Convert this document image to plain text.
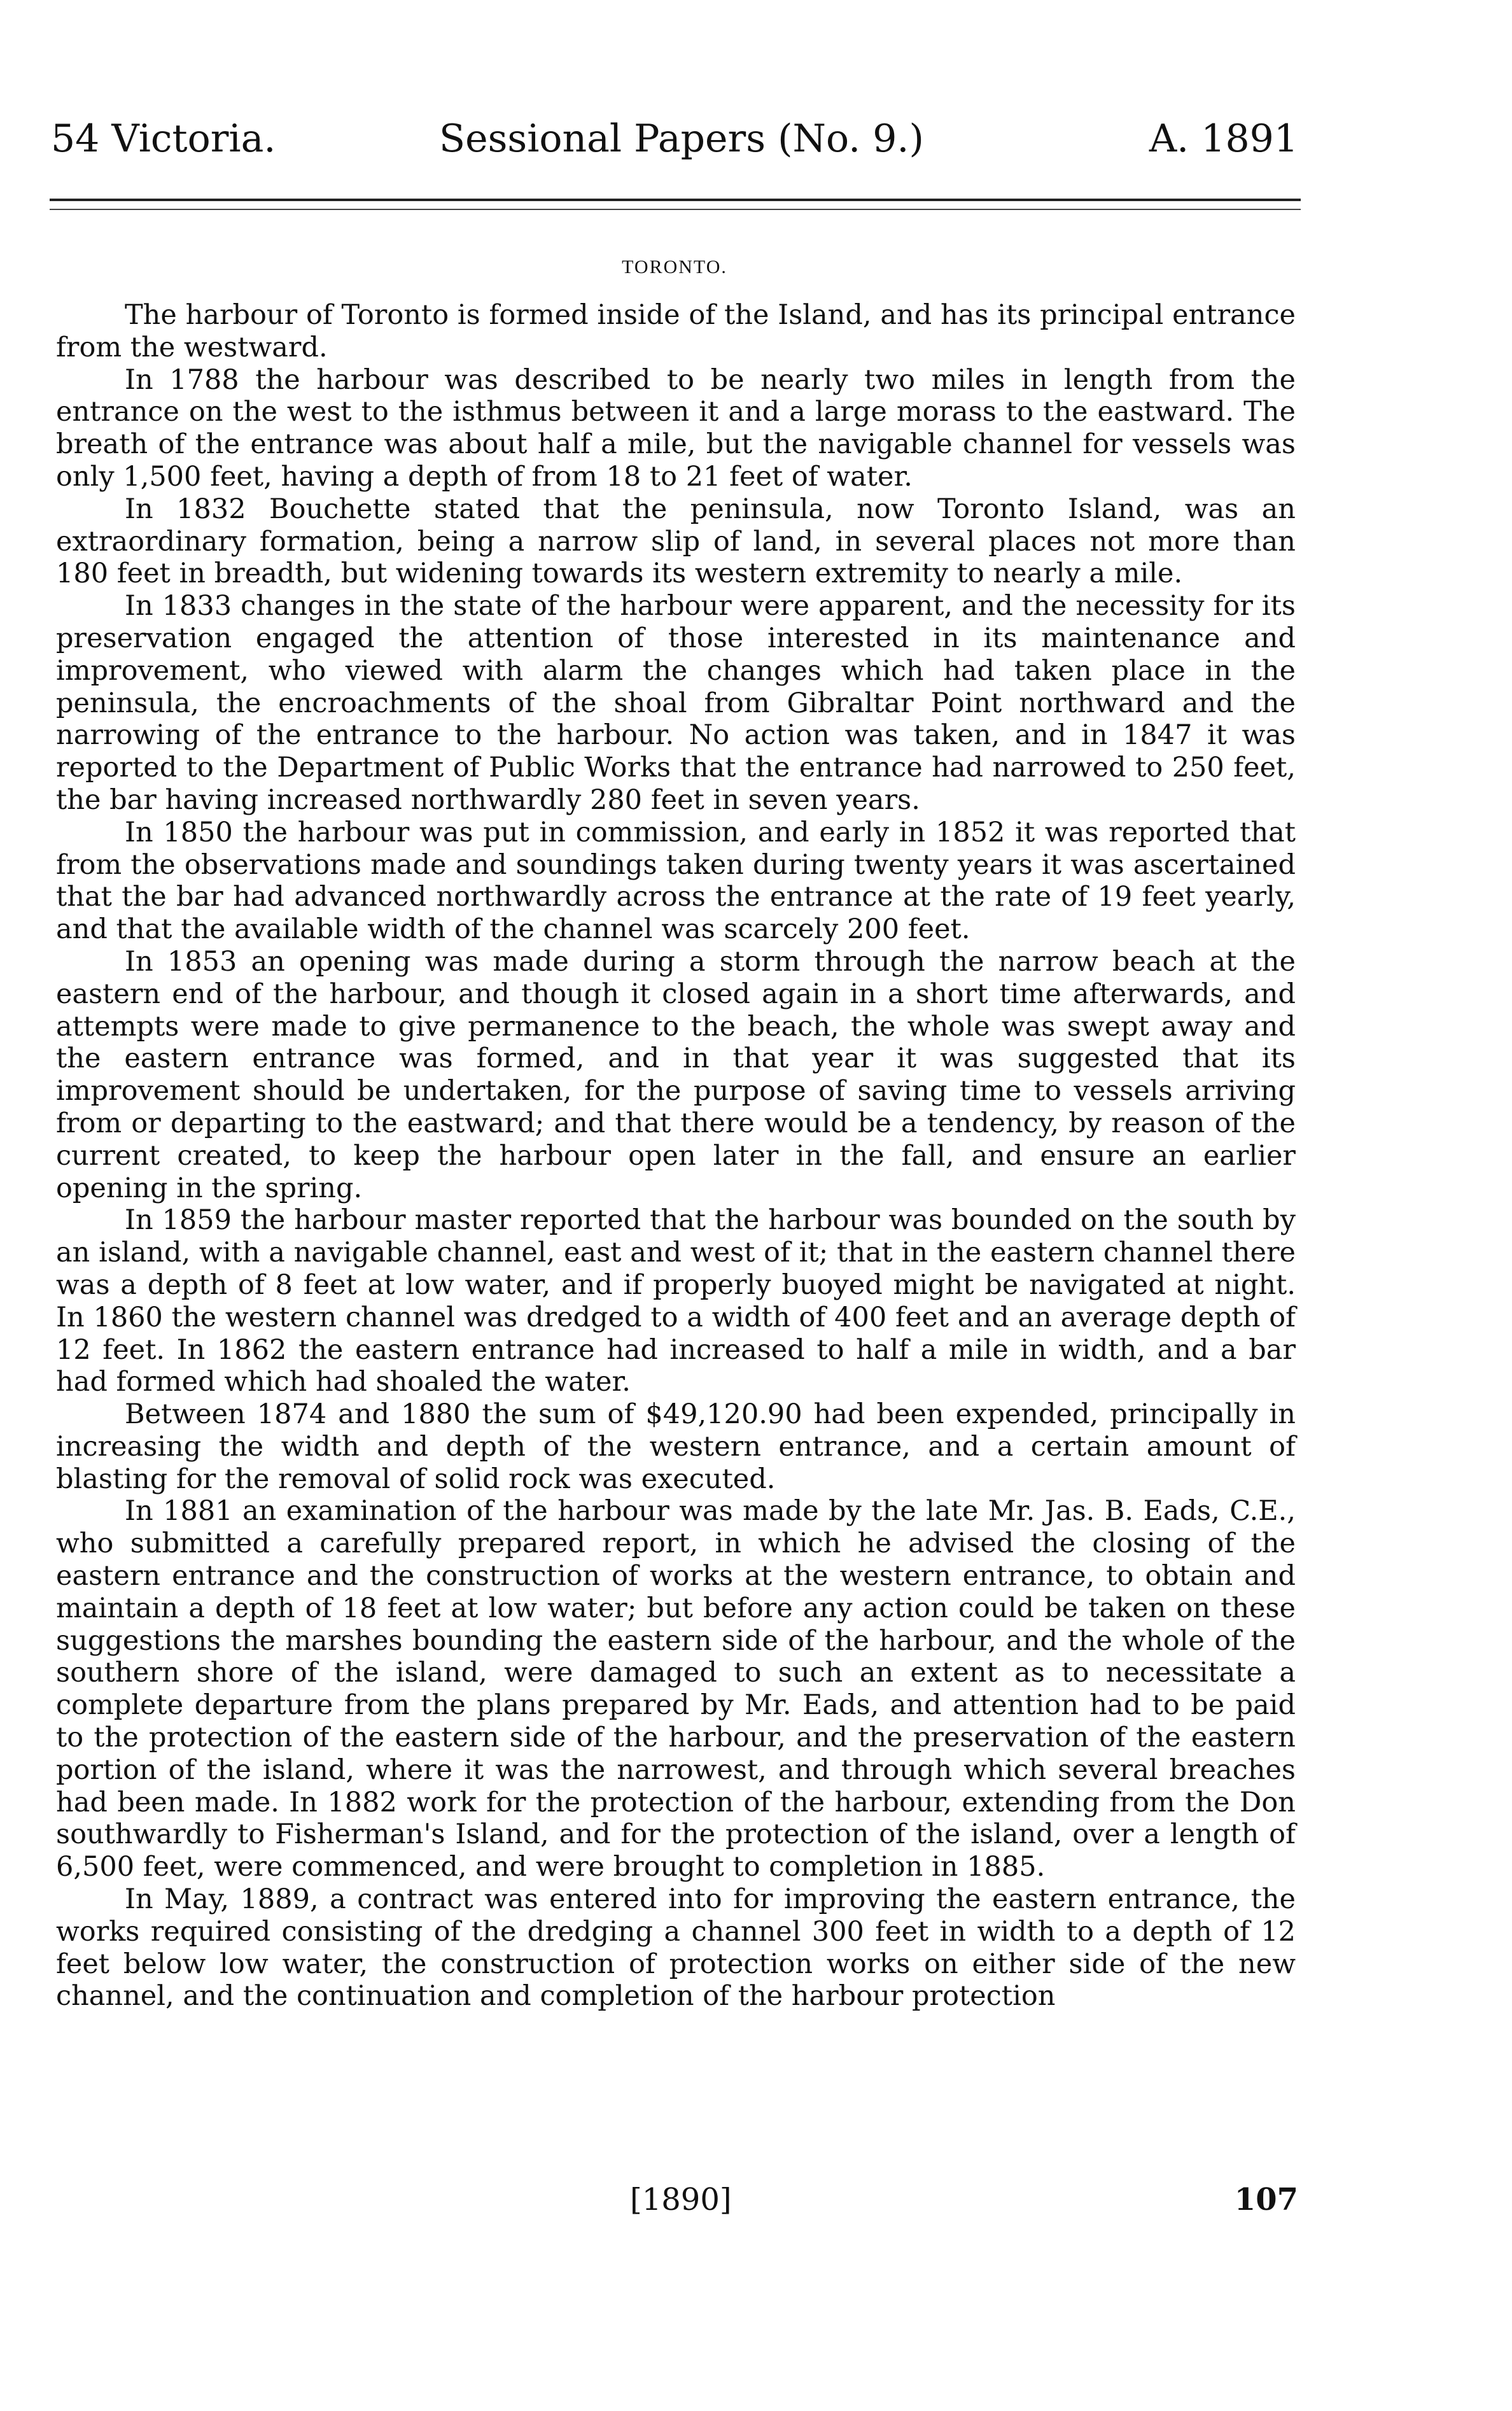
54 Victoria.	Sessional Papers (No. 9.)	A. 1891
TORONTO.

The harbour of Toronto is formed inside of the Island, and has its principal entrance from the westward.

In 1788 the harbour was described to be nearly two miles in length from the entrance on the west to the isthmus between it and a large morass to the eastward. The breath of the entrance was about half a mile, but the navigable channel for vessels was only 1,500 feet, having a depth of from 18 to 21 feet of water.

In 1832 Bouchette stated that the peninsula, now Toronto Island, was an extraordinary formation, being a narrow slip of land, in several places not more than 180 feet in breadth, but widening towards its western extremity to nearly a mile.

In 1833 changes in the state of the harbour were apparent, and the necessity for its preservation engaged the attention of those interested in its maintenance and improvement, who viewed with alarm the changes which had taken place in the peninsula, the encroachments of the shoal from Gibraltar Point northward and the narrowing of the entrance to the harbour. No action was taken, and in 1847 it was reported to the Department of Public Works that the entrance had narrowed to 250 feet, the bar having increased northwardly 280 feet in seven years.

In 1850 the harbour was put in commission, and early in 1852 it was reported that from the observations made and soundings taken during twenty years it was ascertained that the bar had advanced northwardly across the entrance at the rate of 19 feet yearly, and that the available width of the channel was scarcely 200 feet.

In 1853 an opening was made during a storm through the narrow beach at the eastern end of the harbour, and though it closed again in a short time afterwards, and attempts were made to give permanence to the beach, the whole was swept away and the eastern entrance was formed, and in that year it was suggested that its improvement should be undertaken, for the purpose of saving time to vessels arriving from or departing to the eastward; and that there would be a tendency, by reason of the current created, to keep the harbour open later in the fall, and ensure an earlier opening in the spring.

In 1859 the harbour master reported that the harbour was bounded on the south by an island, with a navigable channel, east and west of it; that in the eastern channel there was a depth of 8 feet at low water, and if properly buoyed might be navigated at night. In 1860 the western channel was dredged to a width of 400 feet and an average depth of 12 feet. In 1862 the eastern entrance had increased to half a mile in width, and a bar had formed which had shoaled the water.

Between 1874 and 1880 the sum of $49,120.90 had been expended, principally in increasing the width and depth of the western entrance, and a certain amount of blasting for the removal of solid rock was executed.

In 1881 an examination of the harbour was made by the late Mr. Jas. B. Eads, C.E., who submitted a carefully prepared report, in which he advised the closing of the eastern entrance and the construction of works at the western entrance, to obtain and maintain a depth of 18 feet at low water; but before any action could be taken on these suggestions the marshes bounding the eastern side of the harbour, and the whole of the southern shore of the island, were damaged to such an extent as to necessitate a complete departure from the plans prepared by Mr. Eads, and attention had to be paid to the protection of the eastern side of the harbour, and the preservation of the eastern portion of the island, where it was the narrowest, and through which several breaches had been made. In 1882 work for the protection of the harbour, extending from the Don southwardly to Fisherman's Island, and for the protection of the island, over a length of 6,500 feet, were commenced, and were brought to completion in 1885.

In May, 1889, a contract was entered into for improving the eastern entrance, the works required consisting of the dredging a channel 300 feet in width to a depth of 12 feet below low water, the construction of protection works on either side of the new channel, and the continuation and completion of the harbour protection

[1890]	107
